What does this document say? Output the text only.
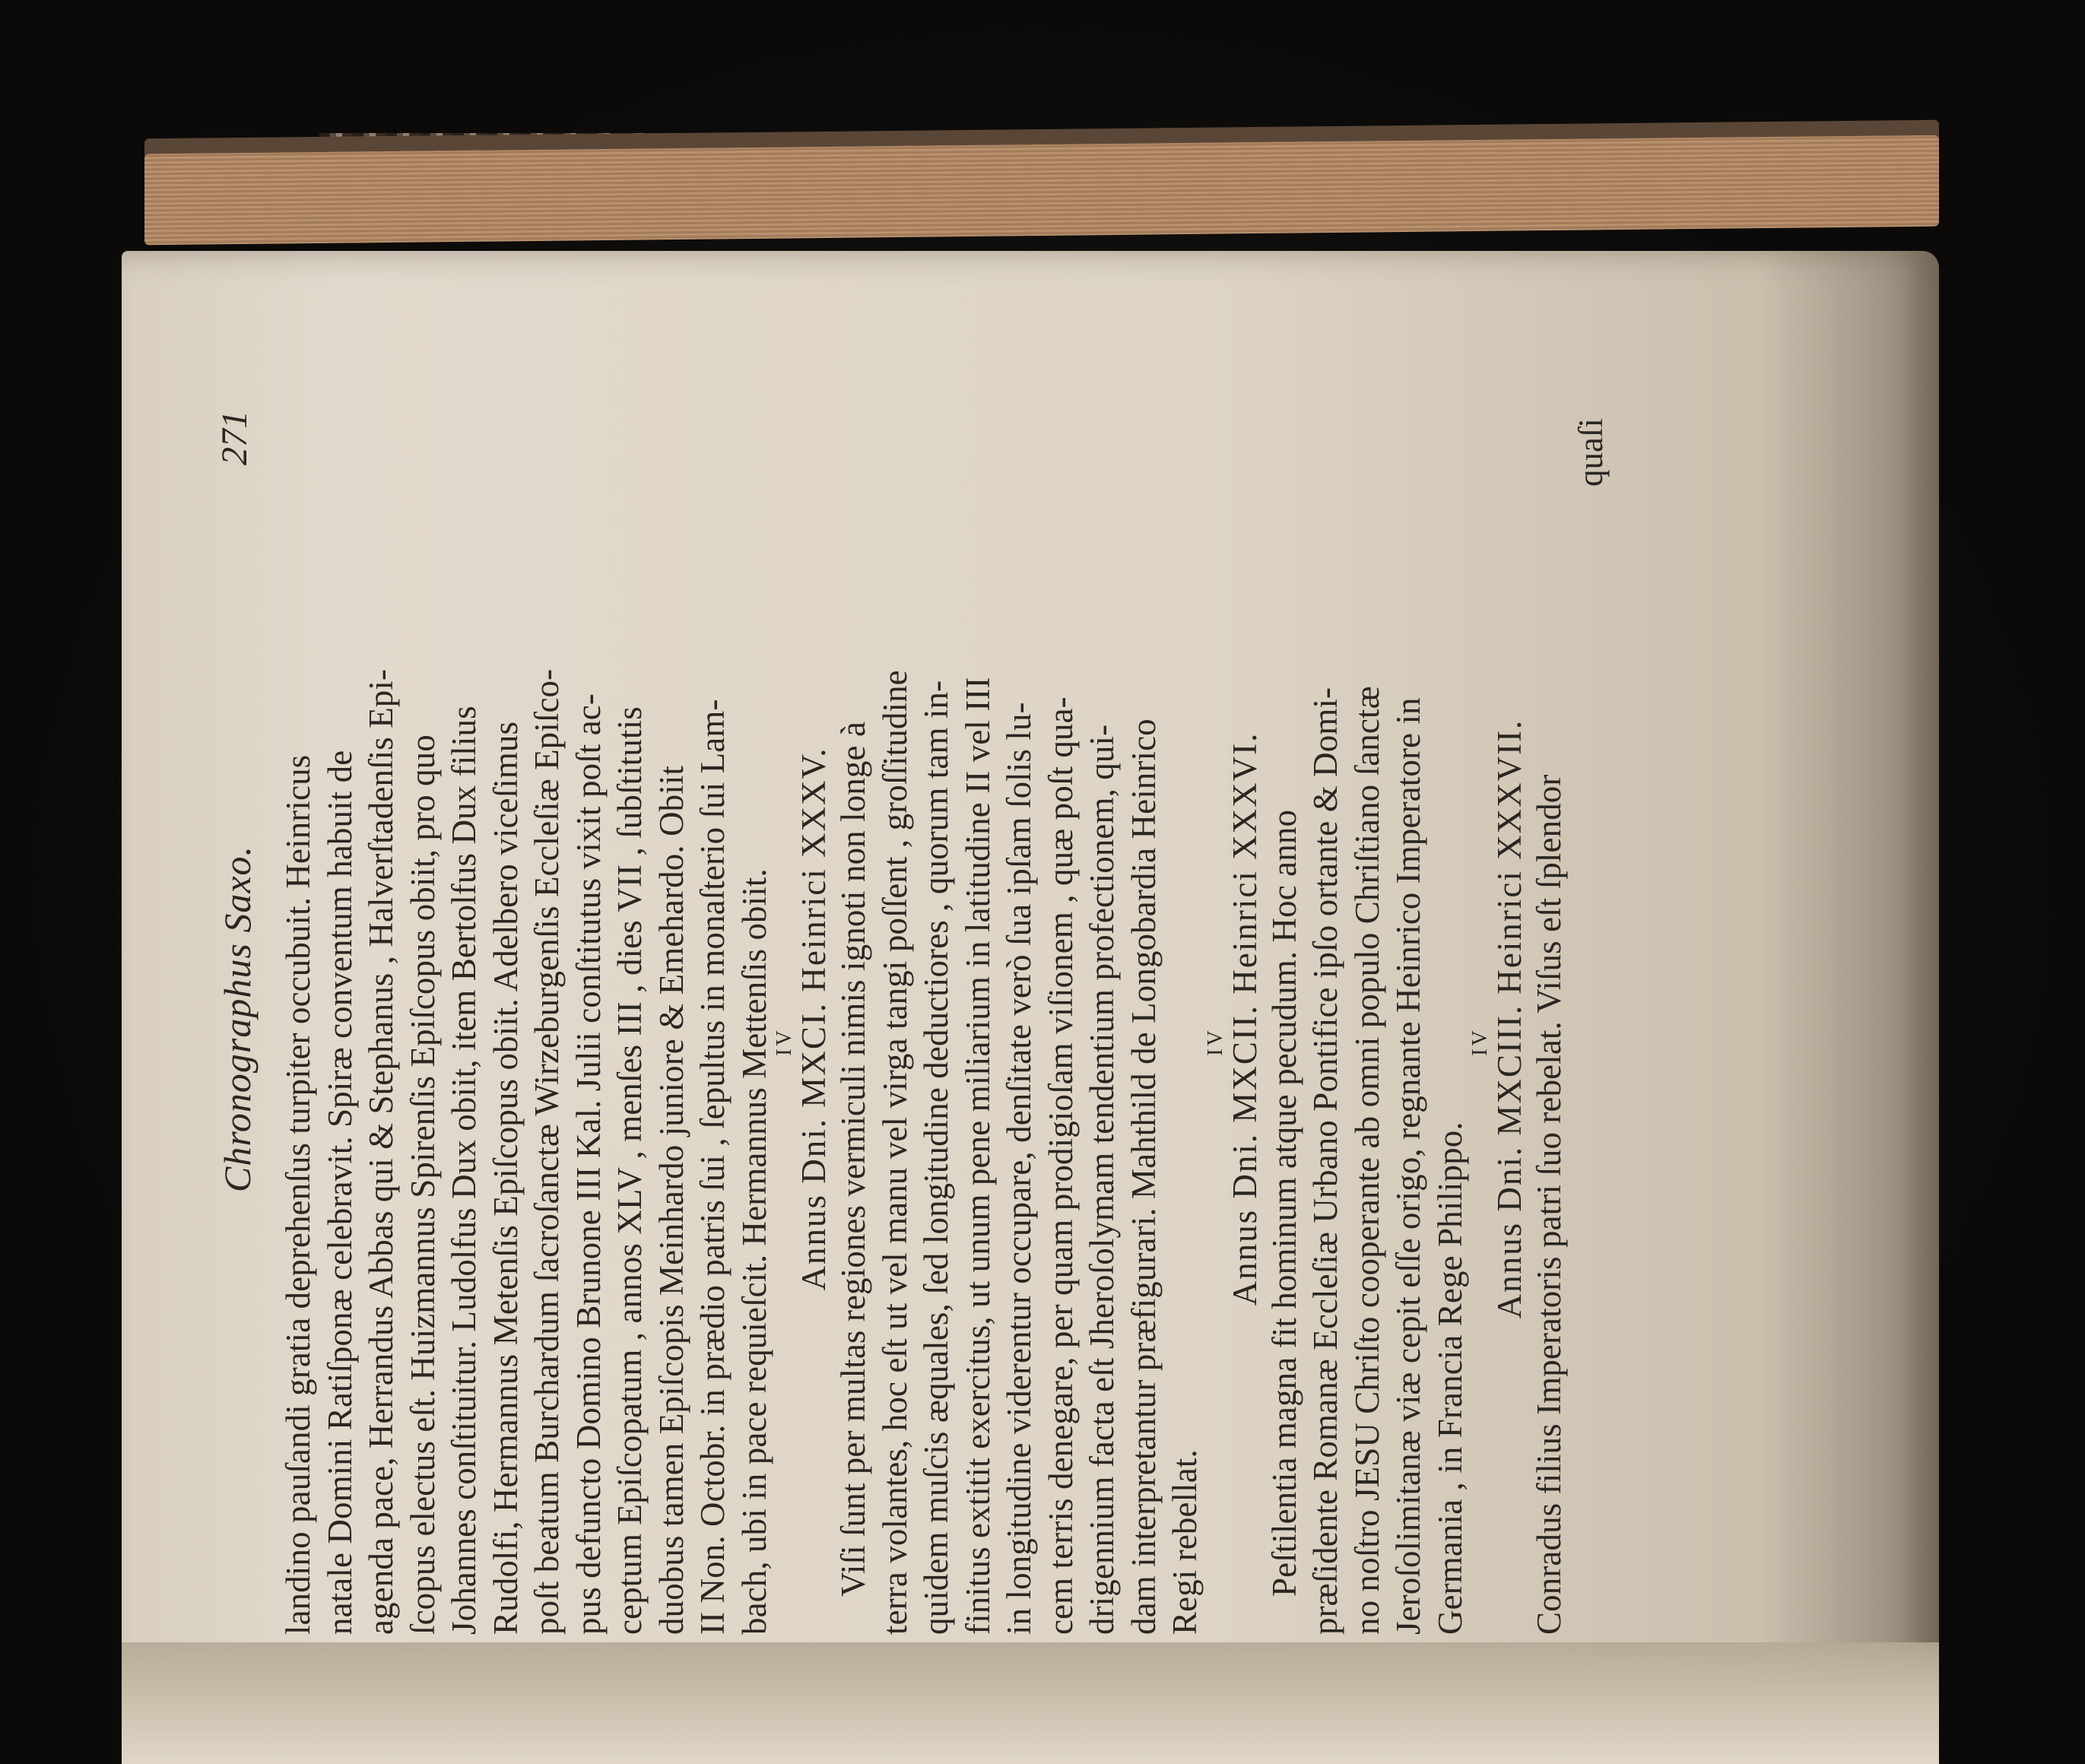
Chronographus Saxo.
271
landino pauſandi gratia deprehenſus turpiter occubuit. Heinricus natale Domini Ratiſponæ celebravit. Spiræ conventum habuit de agenda pace, Herrandus Abbas qui & Stephanus , Halverſtadenſis Epi- ſcopus electus eſt. Huizmannus Spirenſis Epiſcopus obiit, pro quo Johannes conſtituitur. Ludolfus Dux obiit, item Bertolfus Dux filius Rudolfi, Hermannus Metenſis Epiſcopus obiit. Adelbero viceſimus poſt beatum Burchardum ſacroſanctæ Wirzeburgenſis Eccleſiæ Epiſco- pus defuncto Domino Brunone III Kal. Julii conſtitutus vixit poſt ac- ceptum Epiſcopatum , annos XLV , menſes III , dies VII , ſubſtitutis duobus tamen Epiſcopis Meinhardo juniore & Emehardo. Obiit II Non. Octobr. in prædio patris ſui , ſepultus in monaſterio ſui Lam- bach, ubi in pace requieſcit. Hermannus Mettenſis obiit. IV
Annus Dni. MXCI. Heinrici XXXV. Viſi ſunt per multas regiones vermiculi nimis ignoti non longe à terra volantes, hoc eſt ut vel manu vel virga tangi poſſent , groſſitudine quidem muſcis æquales, ſed longitudine deductiores , quorum tam in- finitus extitit exercitus, ut unum pene miliarium in latitudine II vel III in longitudine viderentur occupare, denſitate verò ſua ipſam ſolis lu- cem terris denegare, per quam prodigioſam viſionem , quæ poſt qua- drigennium facta eſt Jheroſolymam tendentium profectionem, qui- dam interpretantur præfigurari. Mahthild de Longobardia Heinrico Regi rebellat.
IV
Annus Dni. MXCII. Heinrici XXXVI. Peſtilentia magna fit hominum atque pecudum. Hoc anno præſidente Romanæ Eccleſiæ Urbano Pontifice ipſo ortante & Domi- no noſtro JESU Chriſto cooperante ab omni populo Chriſtiano ſanctæ Jeroſolimitanæ viæ cepit eſſe origo, regnante Heinrico Imperatore in Germania , in Francia Rege Philippo.
IV
Annus Dni. MXCIII. Heinrici XXXVII. Conradus filius Imperatoris patri ſuo rebelat. Viſus eſt ſplendor
quaſi
